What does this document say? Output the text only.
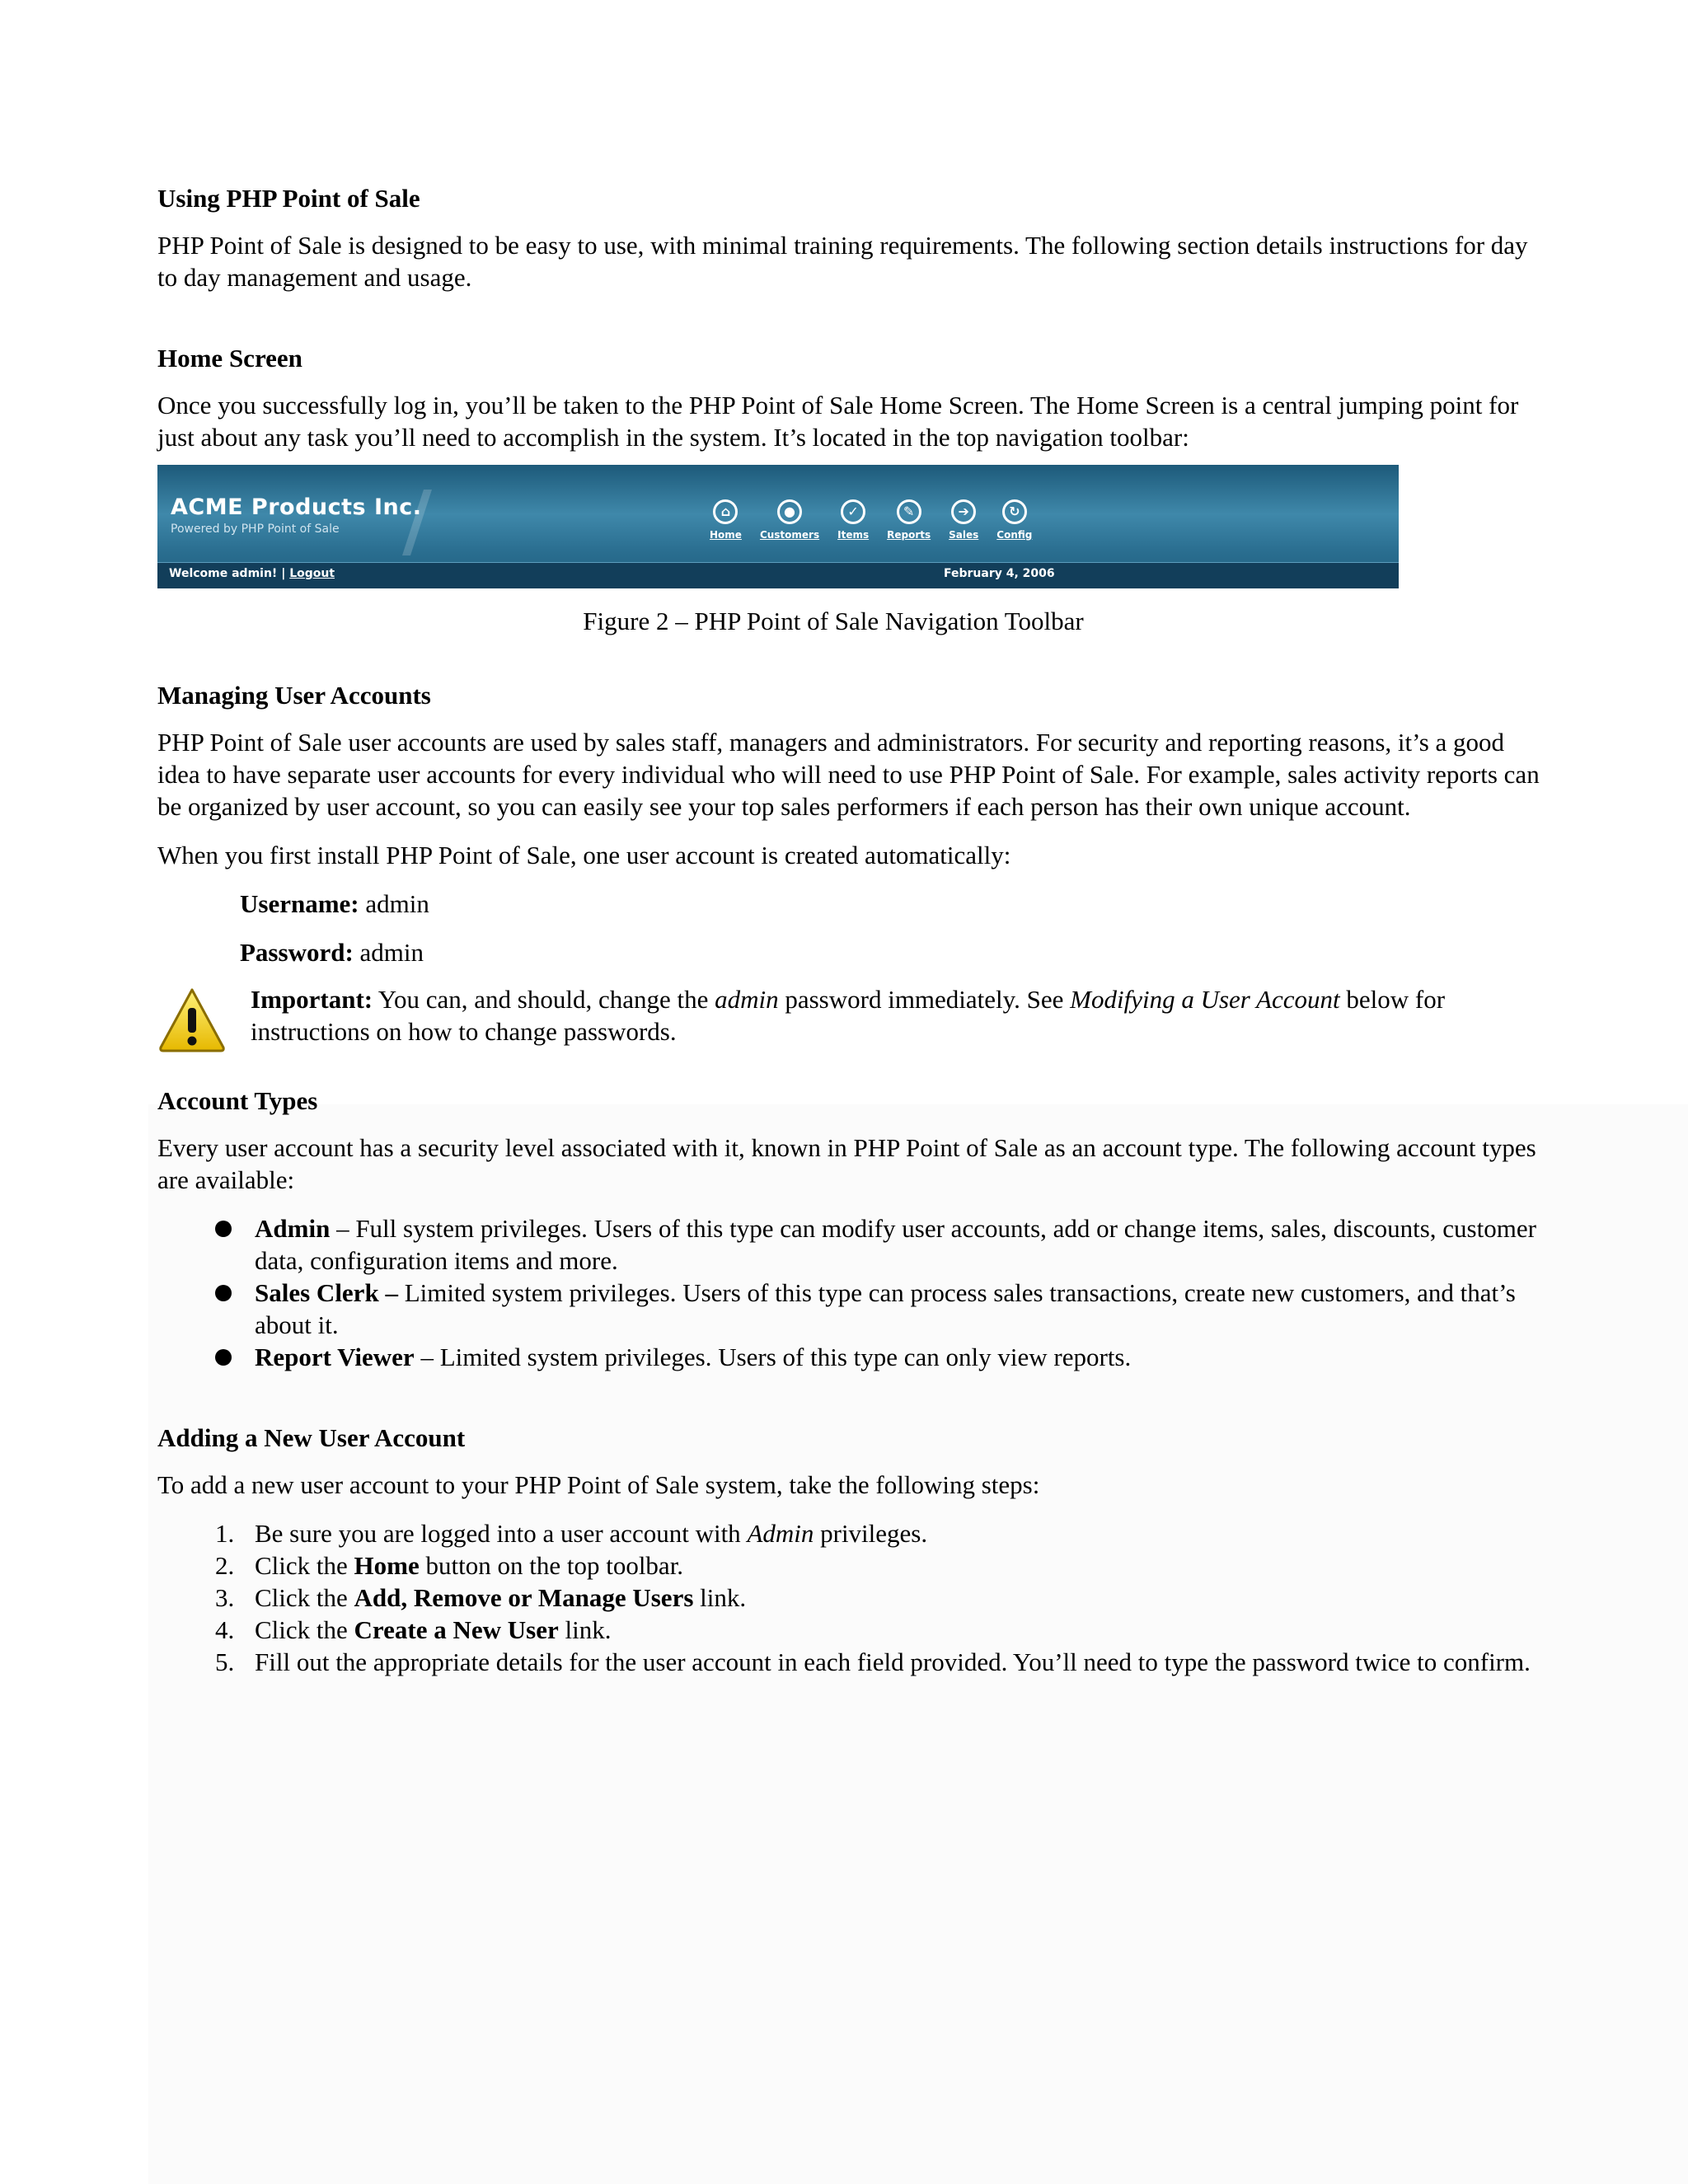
Using PHP Point of Sale

PHP Point of Sale is designed to be easy to use, with minimal training requirements. The following section details instructions for day to day management and usage.

Home Screen

Once you successfully log in, you’ll be taken to the PHP Point of Sale Home Screen. The Home Screen is a central jumping point for just about any task you’ll need to accomplish in the system. It’s located in the top navigation toolbar:

ACME Products Inc.
Powered by PHP Point of Sale
⌂
Home
●
Customers
✓
Items
✎
Reports
➔
Sales
↻
Config
Welcome admin! | Logout	February 4, 2006
Figure 2 – PHP Point of Sale Navigation Toolbar
Managing User Accounts

PHP Point of Sale user accounts are used by sales staff, managers and administrators. For security and reporting reasons, it’s a good idea to have separate user accounts for every individual who will need to use PHP Point of Sale. For example, sales activity reports can be organized by user account, so you can easily see your top sales performers if each person has their own unique account.

When you first install PHP Point of Sale, one user account is created automatically:

Username: admin

Password: admin

Important: You can, and should, change the admin password immediately. See Modifying a User Account below for instructions on how to change passwords.

Account Types

Every user account has a security level associated with it, known in PHP Point of Sale as an account type. The following account types are available:

Admin – Full system privileges. Users of this type can modify user accounts, add or change items, sales, discounts, customer data, configuration items and more.
Sales Clerk – Limited system privileges. Users of this type can process sales transactions, create new customers, and that’s about it.
Report Viewer – Limited system privileges. Users of this type can only view reports.
Adding a New User Account

To add a new user account to your PHP Point of Sale system, take the following steps:

1. Be sure you are logged into a user account with Admin privileges.
2. Click the Home button on the top toolbar.
3. Click the Add, Remove or Manage Users link.
4. Click the Create a New User link.
5. Fill out the appropriate details for the user account in each field provided. You’ll need to type the password twice to confirm.
